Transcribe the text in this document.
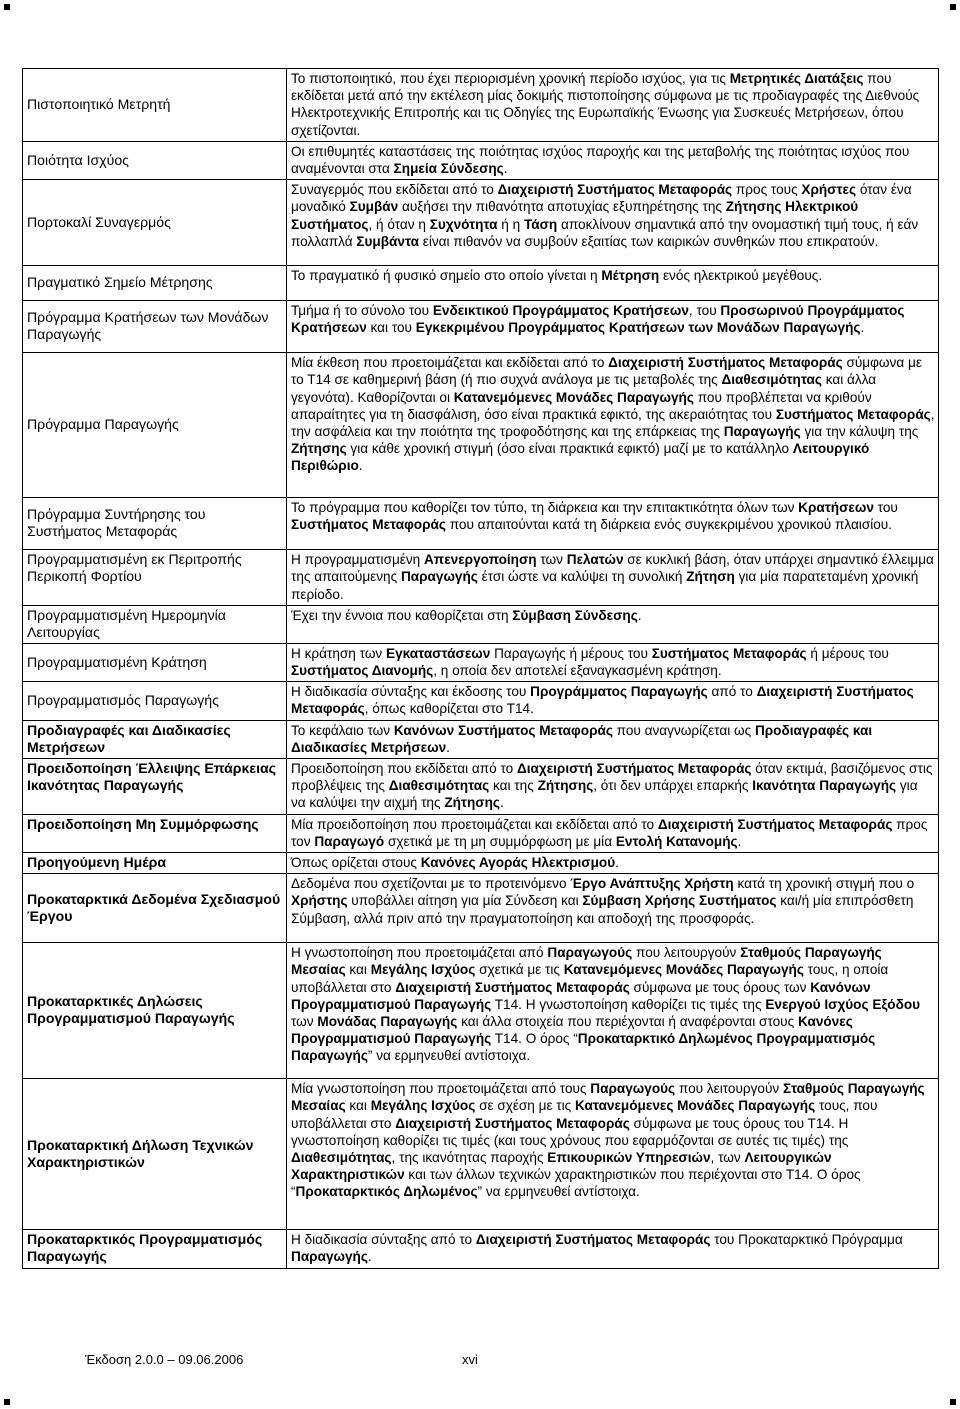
Πιστοποιητικό Μετρητή	Το πιστοποιητικό, που έχει περιορισμένη χρονική περίοδο ισχύος, για τις Μετρητικές Διατάξεις που εκδίδεται μετά από την εκτέλεση μίας δοκιμής πιστοποίησης σύμφωνα με τις προδιαγραφές της Διεθνούς Ηλεκτροτεχνικής Επιτροπής και τις Οδηγίες της Ευρωπαϊκής Ένωσης για Συσκευές Μετρήσεων, όπου σχετίζονται.
Ποιότητα Ισχύος	Οι επιθυμητές καταστάσεις της ποιότητας ισχύος παροχής και της μεταβολής της ποιότητας ισχύος που αναμένονται στα Σημεία Σύνδεσης.
Πορτοκαλί Συναγερμός	Συναγερμός που εκδίδεται από το Διαχειριστή Συστήματος Μεταφοράς προς τους Χρήστες όταν ένα μοναδικό Συμβάν αυξήσει την πιθανότητα αποτυχίας εξυπηρέτησης της Ζήτησης Ηλεκτρικού Συστήματος, ή όταν η Συχνότητα ή η Τάση αποκλίνουν σημαντικά από την ονομαστική τιμή τους, ή εάν πολλαπλά Συμβάντα είναι πιθανόν να συμβούν εξαιτίας των καιρικών συνθηκών που επικρατούν.
Πραγματικό Σημείο Μέτρησης	Το πραγματικό ή φυσικό σημείο στο οποίο γίνεται η Μέτρηση ενός ηλεκτρικού μεγέθους.
Πρόγραμμα Κρατήσεων των Μονάδων Παραγωγής	Τμήμα ή το σύνολο του Ενδεικτικού Προγράμματος Κρατήσεων, του Προσωρινού Προγράμματος Κρατήσεων και του Εγκεκριμένου Προγράμματος Κρατήσεων των Μονάδων Παραγωγής.
Πρόγραμμα Παραγωγής	Μία έκθεση που προετοιμάζεται και εκδίδεται από το Διαχειριστή Συστήματος Μεταφοράς σύμφωνα με το Τ14 σε καθημερινή βάση (ή πιο συχνά ανάλογα με τις μεταβολές της Διαθεσιμότητας και άλλα γεγονότα). Καθορίζονται οι Κατανεμόμενες Μονάδες Παραγωγής που προβλέπεται να κριθούν απαραίτητες για τη διασφάλιση, όσο είναι πρακτικά εφικτό, της ακεραιότητας του Συστήματος Μεταφοράς, την ασφάλεια και την ποιότητα της τροφοδότησης και της επάρκειας της Παραγωγής για την κάλυψη της Ζήτησης για κάθε χρονική στιγμή (όσο είναι πρακτικά εφικτό) μαζί με το κατάλληλο Λειτουργικό Περιθώριο.
Πρόγραμμα Συντήρησης του Συστήματος Μεταφοράς	Το πρόγραμμα που καθορίζει τον τύπο, τη διάρκεια και την επιτακτικότητα όλων των Κρατήσεων του Συστήματος Μεταφοράς που απαιτούνται κατά τη διάρκεια ενός συγκεκριμένου χρονικού πλαισίου.
Προγραμματισμένη εκ Περιτροπής Περικοπή Φορτίου	Η προγραμματισμένη Απενεργοποίηση των Πελατών σε κυκλική βάση, όταν υπάρχει σημαντικό έλλειμμα της απαιτούμενης Παραγωγής έτσι ώστε να καλύψει τη συνολική Ζήτηση για μία παρατεταμένη χρονική περίοδο.
Προγραμματισμένη Ημερομηνία Λειτουργίας	Έχει την έννοια που καθορίζεται στη Σύμβαση Σύνδεσης.
Προγραμματισμένη Κράτηση	Η κράτηση των Εγκαταστάσεων Παραγωγής ή μέρους του Συστήματος Μεταφοράς ή μέρους του Συστήματος Διανομής, η οποία δεν αποτελεί εξαναγκασμένη κράτηση.
Προγραμματισμός Παραγωγής	Η διαδικασία σύνταξης και έκδοσης του Προγράμματος Παραγωγής από το Διαχειριστή Συστήματος Μεταφοράς, όπως καθορίζεται στο Τ14.
Προδιαγραφές και Διαδικασίες Μετρήσεων	Το κεφάλαιο των Κανόνων Συστήματος Μεταφοράς που αναγνωρίζεται ως Προδιαγραφές και Διαδικασίες Μετρήσεων.
Προειδοποίηση Έλλειψης Επάρκειας Ικανότητας Παραγωγής	Προειδοποίηση που εκδίδεται από το Διαχειριστή Συστήματος Μεταφοράς όταν εκτιμά, βασιζόμενος στις προβλέψεις της Διαθεσιμότητας και της Ζήτησης, ότι δεν υπάρχει επαρκής Ικανότητα Παραγωγής για να καλύψει την αιχμή της Ζήτησης.
Προειδοποίηση Μη Συμμόρφωσης	Μία προειδοποίηση που προετοιμάζεται και εκδίδεται από το Διαχειριστή Συστήματος Μεταφοράς προς τον Παραγωγό σχετικά με τη μη συμμόρφωση με μία Εντολή Κατανομής.
Προηγούμενη Ημέρα	Όπως ορίζεται στους Κανόνες Αγοράς Ηλεκτρισμού.
Προκαταρκτικά Δεδομένα Σχεδιασμού Έργου	Δεδομένα που σχετίζονται με το προτεινόμενο Έργο Ανάπτυξης Χρήστη κατά τη χρονική στιγμή που ο Χρήστης υποβάλλει αίτηση για μία Σύνδεση και Σύμβαση Χρήσης Συστήματος και/ή μία επιπρόσθετη Σύμβαση, αλλά πριν από την πραγματοποίηση και αποδοχή της προσφοράς.
Προκαταρκτικές Δηλώσεις Προγραμματισμού Παραγωγής	Η γνωστοποίηση που προετοιμάζεται από Παραγωγούς που λειτουργούν Σταθμούς Παραγωγής Μεσαίας και Μεγάλης Ισχύος σχετικά με τις Κατανεμόμενες Μονάδες Παραγωγής τους, η οποία υποβάλλεται στο Διαχειριστή Συστήματος Μεταφοράς σύμφωνα με τους όρους των Κανόνων Προγραμματισμού Παραγωγής Τ14. Η γνωστοποίηση καθορίζει τις τιμές της Ενεργού Ισχύος Εξόδου των Μονάδας Παραγωγής και άλλα στοιχεία που περιέχονται ή αναφέρονται στους Κανόνες Προγραμματισμού Παραγωγής Τ14. Ο όρος “Προκαταρκτικό Δηλωμένος Προγραμματισμός Παραγωγής” να ερμηνευθεί αντίστοιχα.
Προκαταρκτική Δήλωση Τεχνικών Χαρακτηριστικών	Μία γνωστοποίηση που προετοιμάζεται από τους Παραγωγούς που λειτουργούν Σταθμούς Παραγωγής Μεσαίας και Μεγάλης Ισχύος σε σχέση με τις Κατανεμόμενες Μονάδες Παραγωγής τους, που υποβάλλεται στο Διαχειριστή Συστήματος Μεταφοράς σύμφωνα με τους όρους του Τ14. Η γνωστοποίηση καθορίζει τις τιμές (και τους χρόνους που εφαρμόζονται σε αυτές τις τιμές) της Διαθεσιμότητας, της ικανότητας παροχής Επικουρικών Υπηρεσιών, των Λειτουργικών Χαρακτηριστικών και των άλλων τεχνικών χαρακτηριστικών που περιέχονται στο Τ14. Ο όρος “Προκαταρκτικός Δηλωμένος” να ερμηνευθεί αντίστοιχα.
Προκαταρκτικός Προγραμματισμός Παραγωγής	Η διαδικασία σύνταξης από το Διαχειριστή Συστήματος Μεταφοράς του Προκαταρκτικό Πρόγραμμα Παραγωγής.
Έκδοση 2.0.0 – 09.06.2006	xvi
